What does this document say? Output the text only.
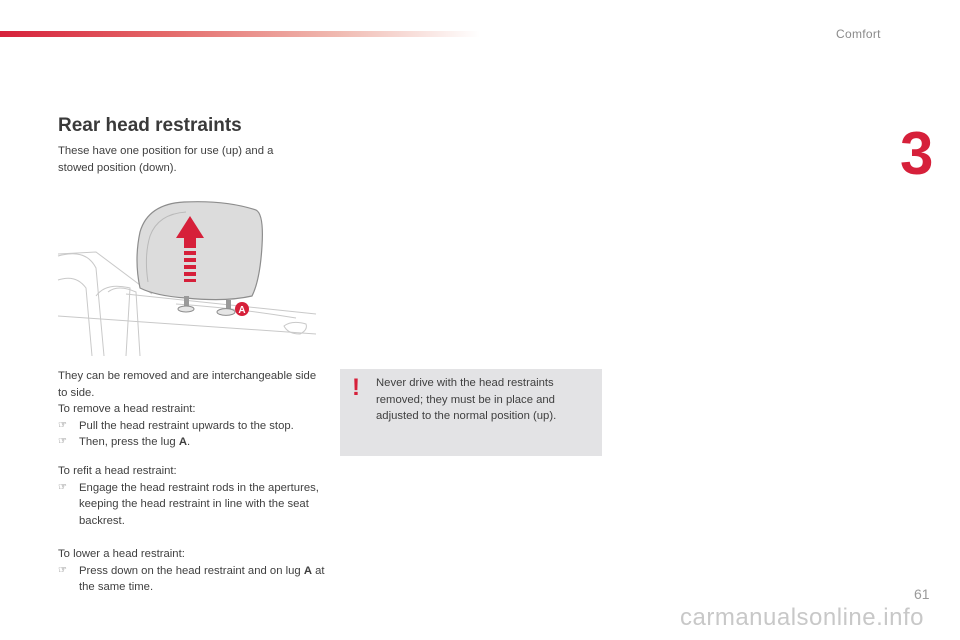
Comfort
3
Rear head restraints
These have one position for use (up) and a stowed position (down).
A
They can be removed and are interchangeable side to side.
To remove a head restraint:
☞	Pull the head restraint upwards to the stop.
☞	Then, press the lug A.
To refit a head restraint:
☞	Engage the head restraint rods in the apertures, keeping the head restraint in line with the seat backrest.
To lower a head restraint:
☞	Press down on the head restraint and on lug A at the same time.
! Never drive with the head restraints removed; they must be in place and adjusted to the normal position (up).
61
carmanualsonline.info
